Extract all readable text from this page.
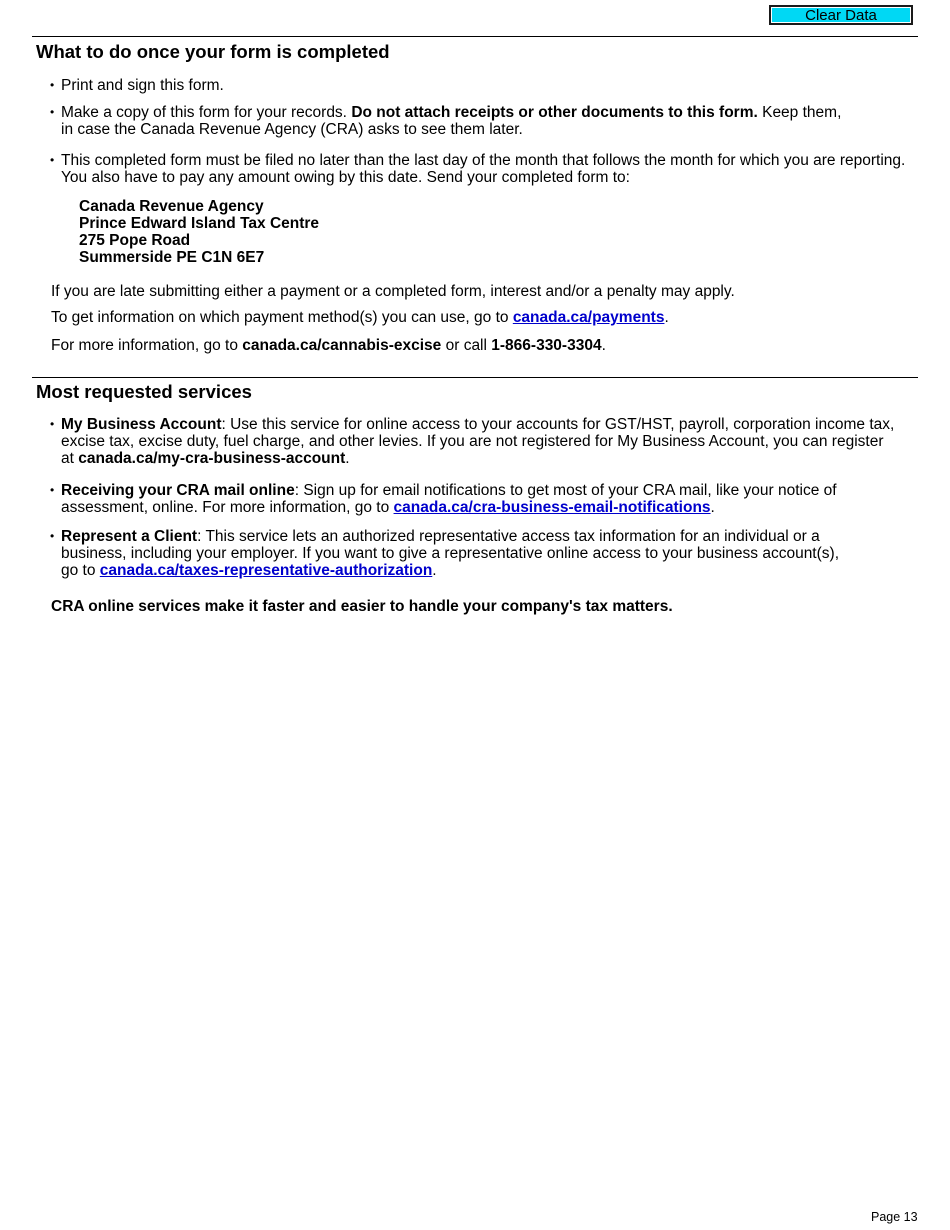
Clear Data
What to do once your form is completed
• Print and sign this form.
• Make a copy of this form for your records. Do not attach receipts or other documents to this form. Keep them,
in case the Canada Revenue Agency (CRA) asks to see them later.
• This completed form must be filed no later than the last day of the month that follows the month for which you are reporting.
You also have to pay any amount owing by this date. Send your completed form to:
Canada Revenue Agency
Prince Edward Island Tax Centre
275 Pope Road
Summerside PE C1N 6E7
If you are late submitting either a payment or a completed form, interest and/or a penalty may apply.
To get information on which payment method(s) you can use, go to canada.ca/payments.
For more information, go to canada.ca/cannabis-excise or call 1-866-330-3304.
Most requested services
• My Business Account: Use this service for online access to your accounts for GST/HST, payroll, corporation income tax,
excise tax, excise duty, fuel charge, and other levies. If you are not registered for My Business Account, you can register
at canada.ca/my-cra-business-account.
• Receiving your CRA mail online: Sign up for email notifications to get most of your CRA mail, like your notice of
assessment, online. For more information, go to canada.ca/cra-business-email-notifications.
• Represent a Client: This service lets an authorized representative access tax information for an individual or a
business, including your employer. If you want to give a representative online access to your business account(s),
go to canada.ca/taxes-representative-authorization.
CRA online services make it faster and easier to handle your company's tax matters.
Page 13
